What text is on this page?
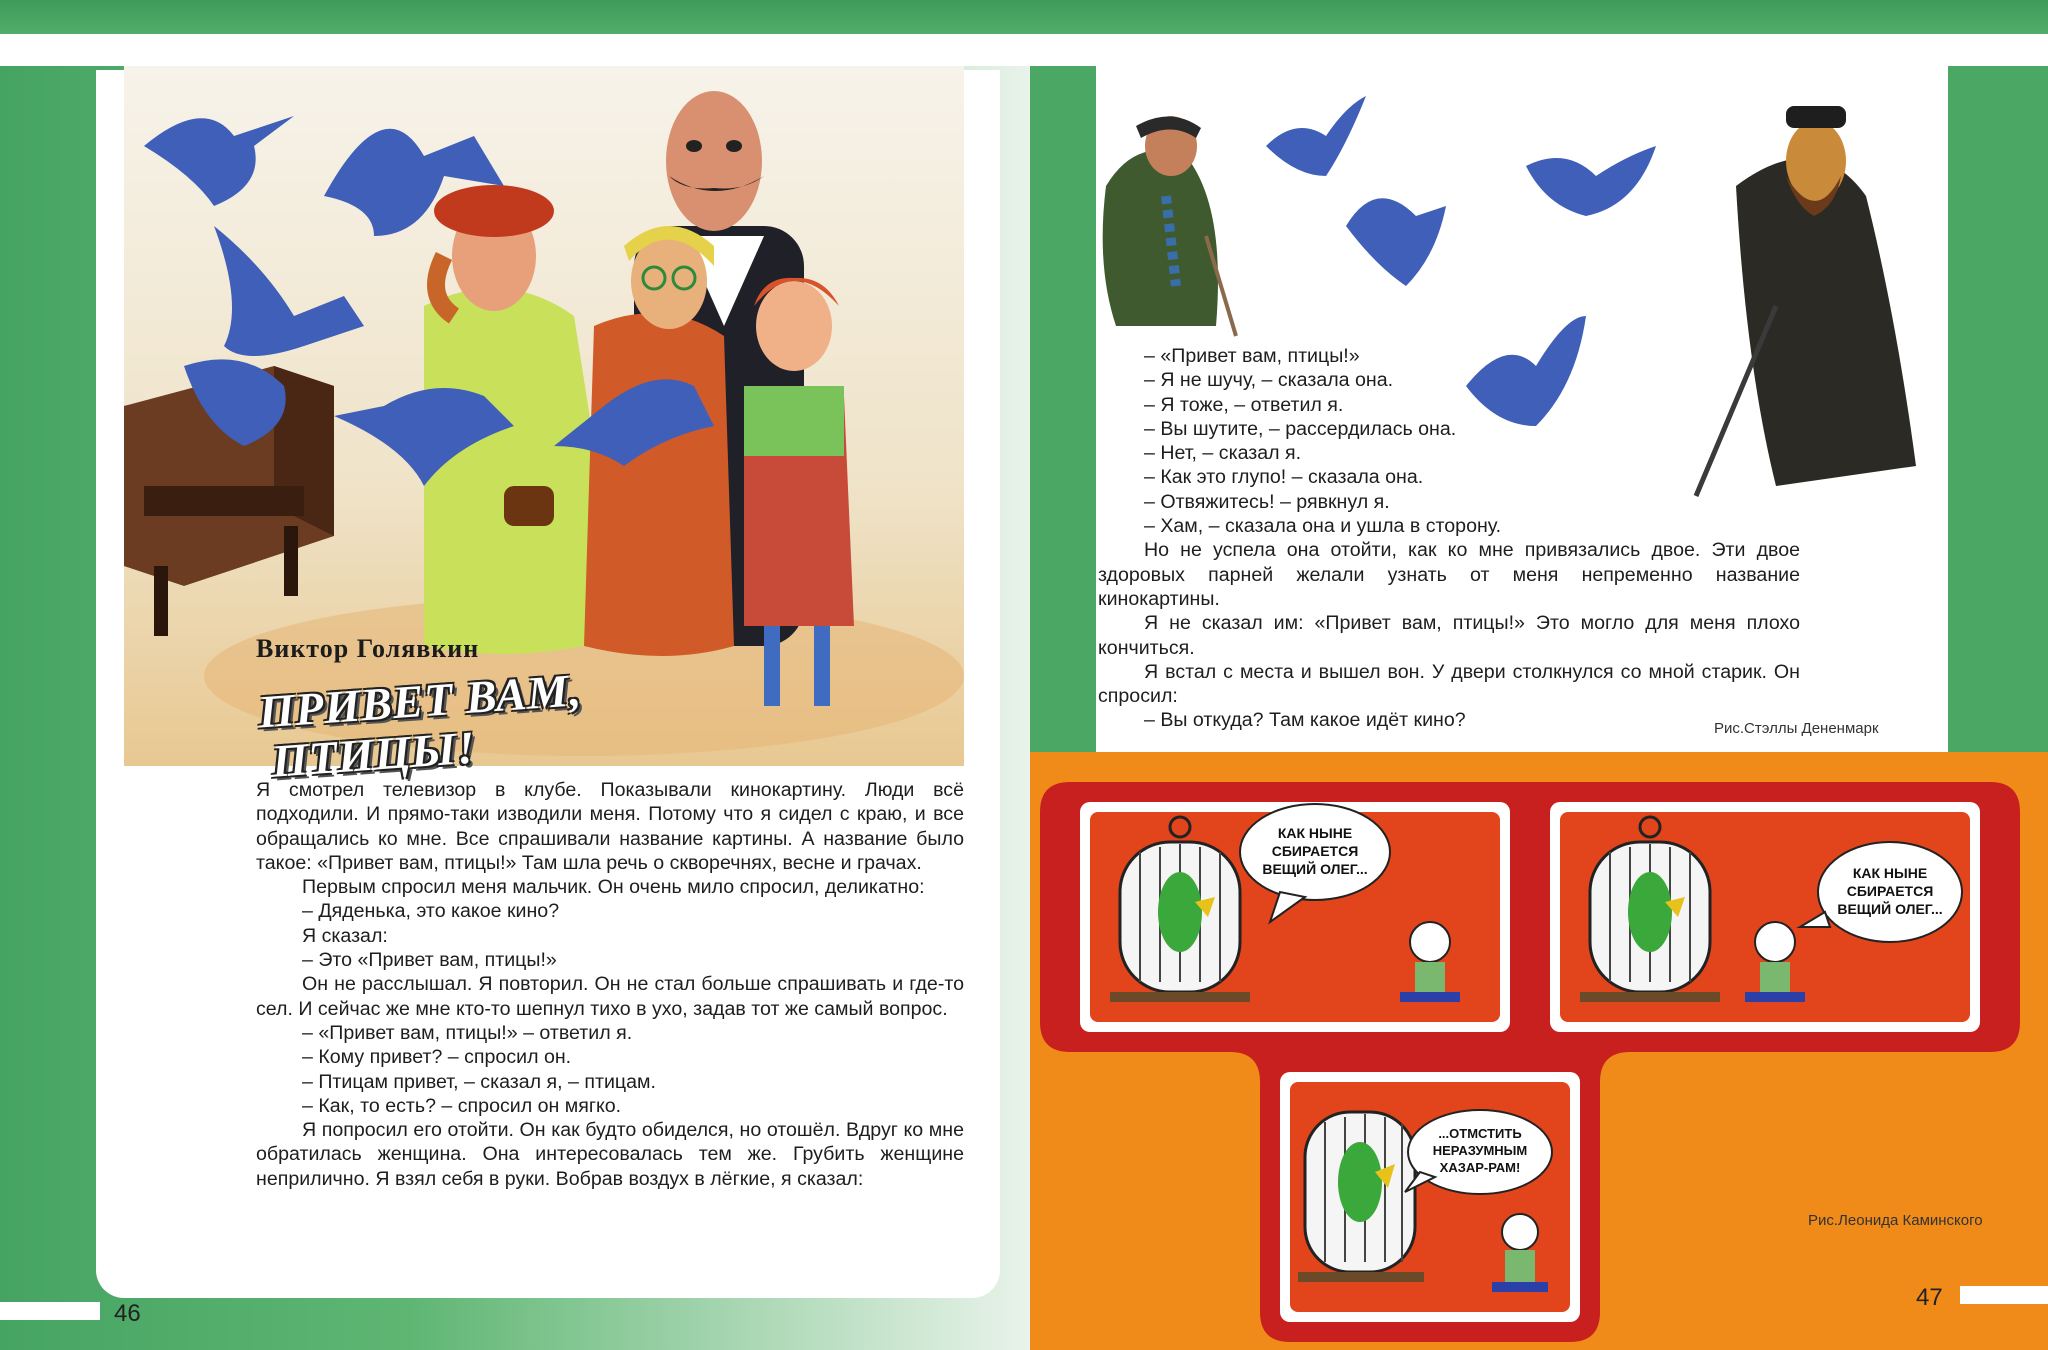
Виктор Голявкин
ПРИВЕТ ВАМ,
ПТИЦЫ!

Я смотрел телевизор в клубе. Показывали кинокартину. Люди всё подходили. И прямо-таки изводили меня. Потому что я сидел с краю, и все обращались ко мне. Все спрашивали название картины. А название было такое: «Привет вам, птицы!» Там шла речь о скворечнях, весне и грачах.

Первым спросил меня мальчик. Он очень мило спросил, деликатно:

– Дяденька, это какое кино?

Я сказал:

– Это «Привет вам, птицы!»

Он не расслышал. Я повторил. Он не стал больше спрашивать и где-то сел. И сейчас же мне кто-то шепнул тихо в ухо, задав тот же самый вопрос.

– «Привет вам, птицы!» – ответил я.

– Кому привет? – спросил он.

– Птицам привет, – сказал я, – птицам.

– Как, то есть? – спросил он мягко.

Я попросил его отойти. Он как будто обиделся, но отошёл. Вдруг ко мне обратилась женщина. Она интересовалась тем же. Грубить женщине неприлично. Я взял себя в руки. Вобрав воздух в лёгкие, я сказал:

46

– «Привет вам, птицы!»

– Я не шучу, – сказала она.

– Я тоже, – ответил я.

– Вы шутите, – рассердилась она.

– Нет, – сказал я.

– Как это глупо! – сказала она.

– Отвяжитесь! – рявкнул я.

– Хам, – сказала она и ушла в сторону.

Но не успела она отойти, как ко мне привязались двое. Эти двое здоровых парней желали узнать от меня непременно название кинокартины.

Я не сказал им: «Привет вам, птицы!» Это могло для меня плохо кончиться.

Я встал с места и вышел вон. У двери столкнулся со мной старик. Он спросил:

– Вы откуда? Там какое идёт кино?	Рис.Стэллы Дененмарк
КАК НЫНЕ
СБИРАЕТСЯ
ВЕЩИЙ ОЛЕГ...	КАК НЫНЕ
СБИРАЕТСЯ
ВЕЩИЙ ОЛЕГ...
...ОТМСТИТЬ
НЕРАЗУМНЫМ
ХАЗАР-РАМ!
Рис.Леонида Каминского
47
